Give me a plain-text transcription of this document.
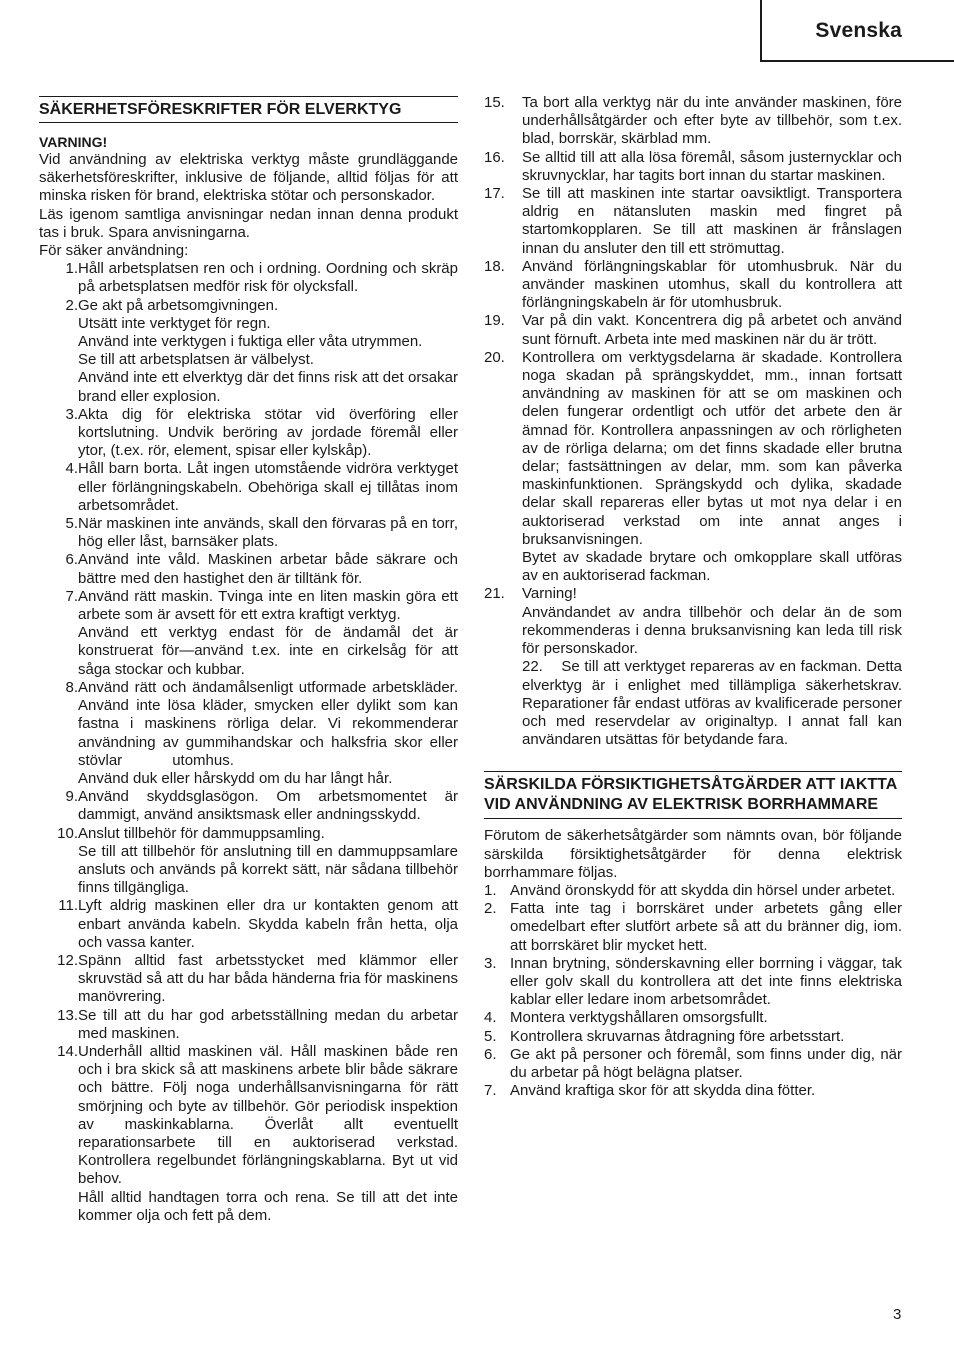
Svenska
SÄKERHETSFÖRESKRIFTER FÖR ELVERKTYG
VARNING!
Vid användning av elektriska verktyg måste grundläggande säkerhetsföreskrifter, inklusive de följande, alltid följas för att minska risken för brand, elektriska stötar och personskador.
Läs igenom samtliga anvisningar nedan innan denna produkt tas i bruk. Spara anvisningarna.
För säker användning:
1. Håll arbetsplatsen ren och i ordning. Oordning och skräp på arbetsplatsen medför risk för olycksfall.
2. Ge akt på arbetsomgivningen.
Utsätt inte verktyget för regn.
Använd inte verktygen i fuktiga eller våta utrymmen.
Se till att arbetsplatsen är välbelyst.
Använd inte ett elverktyg där det finns risk att det orsakar brand eller explosion.
3. Akta dig för elektriska stötar vid överföring eller kortslutning. Undvik beröring av jordade föremål eller ytor, (t.ex. rör, element, spisar eller kylskåp).
4. Håll barn borta. Låt ingen utomstående vidröra verktyget eller förlängningskabeln. Obehöriga skall ej tillåtas inom arbetsområdet.
5. När maskinen inte används, skall den förvaras på en torr, hög eller låst, barnsäker plats.
6. Använd inte våld. Maskinen arbetar både säkrare och bättre med den hastighet den är tilltänk för.
7. Använd rätt maskin. Tvinga inte en liten maskin göra ett arbete som är avsett för ett extra kraftigt verktyg.
Använd ett verktyg endast för de ändamål det är konstruerat för—använd t.ex. inte en cirkelsåg för att såga stockar och kubbar.
8. Använd rätt och ändamålsenligt utformade arbetskläder. Använd inte lösa kläder, smycken eller dylikt som kan fastna i maskinens rörliga delar. Vi rekommenderar användning av gummihandskar och halksfria skor eller stövlar            utomhus.
Använd duk eller hårskydd om du har långt hår.
9. Använd skyddsglasögon. Om arbetsmomentet är dammigt, använd ansiktsmask eller andningsskydd.
10. Anslut tillbehör för dammuppsamling.
Se till att tillbehör för anslutning till en dammuppsamlare ansluts och används på korrekt sätt, när sådana tillbehör finns tillgängliga.
11. Lyft aldrig maskinen eller dra ur kontakten genom att enbart använda kabeln. Skydda kabeln från hetta, olja och vassa kanter.
12. Spänn alltid fast arbetsstycket med klämmor eller skruvstäd så att du har båda händerna fria för maskinens manövrering.
13. Se till att du har god arbetsställning medan du arbetar med maskinen.
14. Underhåll alltid maskinen väl. Håll maskinen både ren och i bra skick så att maskinens arbete blir både säkrare och bättre. Följ noga underhållsanvisningarna för rätt smörjning och byte av tillbehör. Gör periodisk inspektion av maskinkablarna. Överlåt allt eventuellt reparationsarbete till en auktoriserad verkstad. Kontrollera regelbundet förlängningskablarna. Byt ut vid behov.
Håll alltid handtagen torra och rena. Se till att det inte kommer olja och fett på dem.
15.	Ta bort alla verktyg när du inte använder maskinen, före underhållsåtgärder och efter byte av tillbehör, som t.ex. blad, borrskär, skärblad mm.
16.	Se alltid till att alla lösa föremål, såsom justernycklar och skruvnycklar, har tagits bort innan du startar maskinen.
17.	Se till att maskinen inte startar oavsiktligt. Transportera aldrig en nätansluten maskin med fingret på startomkopplaren. Se till att maskinen är frånslagen innan du ansluter den till ett strömuttag.
18.	Använd förlängningskablar för utomhusbruk. När du använder maskinen utomhus, skall du kontrollera att förlängningskabeln är för utomhusbruk.
19.	Var på din vakt. Koncentrera dig på arbetet och använd sunt förnuft. Arbeta inte med maskinen när du är trött.
20.	Kontrollera om verktygsdelarna är skadade. Kontrollera noga skadan på sprängskyddet, mm., innan fortsatt användning av maskinen för att se om maskinen och delen fungerar ordentligt och utför det arbete den är ämnad för. Kontrollera anpassningen av och rörligheten av de rörliga delarna; om det finns skadade eller brutna delar; fastsättningen av delar, mm. som kan påverka maskinfunktionen. Sprängskydd och dylika, skadade delar skall repareras eller bytas ut mot nya delar i en auktoriserad verkstad om inte annat anges i bruksanvisningen.
Bytet av skadade brytare och omkopplare skall utföras av en auktoriserad fackman.
21.	Varning!
Användandet av andra tillbehör och delar än de som rekommenderas i denna bruksanvisning kan leda till risk för personskador.
22.    Se till att verktyget repareras av en fackman. Detta elverktyg är i enlighet med tillämpliga säkerhetskrav. Reparationer får endast utföras av kvalificerade personer och med reservdelar av originaltyp. I annat fall kan användaren utsättas för betydande fara.
SÄRSKILDA FÖRSIKTIGHETSÅTGÄRDER ATT IAKTTA VID ANVÄNDNING AV ELEKTRISK BORRHAMMARE
Förutom de säkerhetsåtgärder som nämnts ovan, bör följande särskilda försiktighetsåtgärder för denna elektrisk borrhammare följas.
1. Använd öronskydd för att skydda din hörsel under arbetet.
2. Fatta inte tag i borrskäret under arbetets gång eller omedelbart efter slutfört arbete så att du bränner dig, iom. att borrskäret blir mycket hett.
3. Innan brytning, sönderskavning eller borrning i väggar, tak eller golv skall du kontrollera att det inte finns elektriska kablar eller ledare inom arbetsområdet.
4. Montera verktygshållaren omsorgsfullt.
5. Kontrollera skruvarnas åtdragning före arbetsstart.
6. Ge akt på personer och föremål, som finns under dig, när du arbetar på högt belägna platser.
7. Använd kraftiga skor för att skydda dina fötter.
3
